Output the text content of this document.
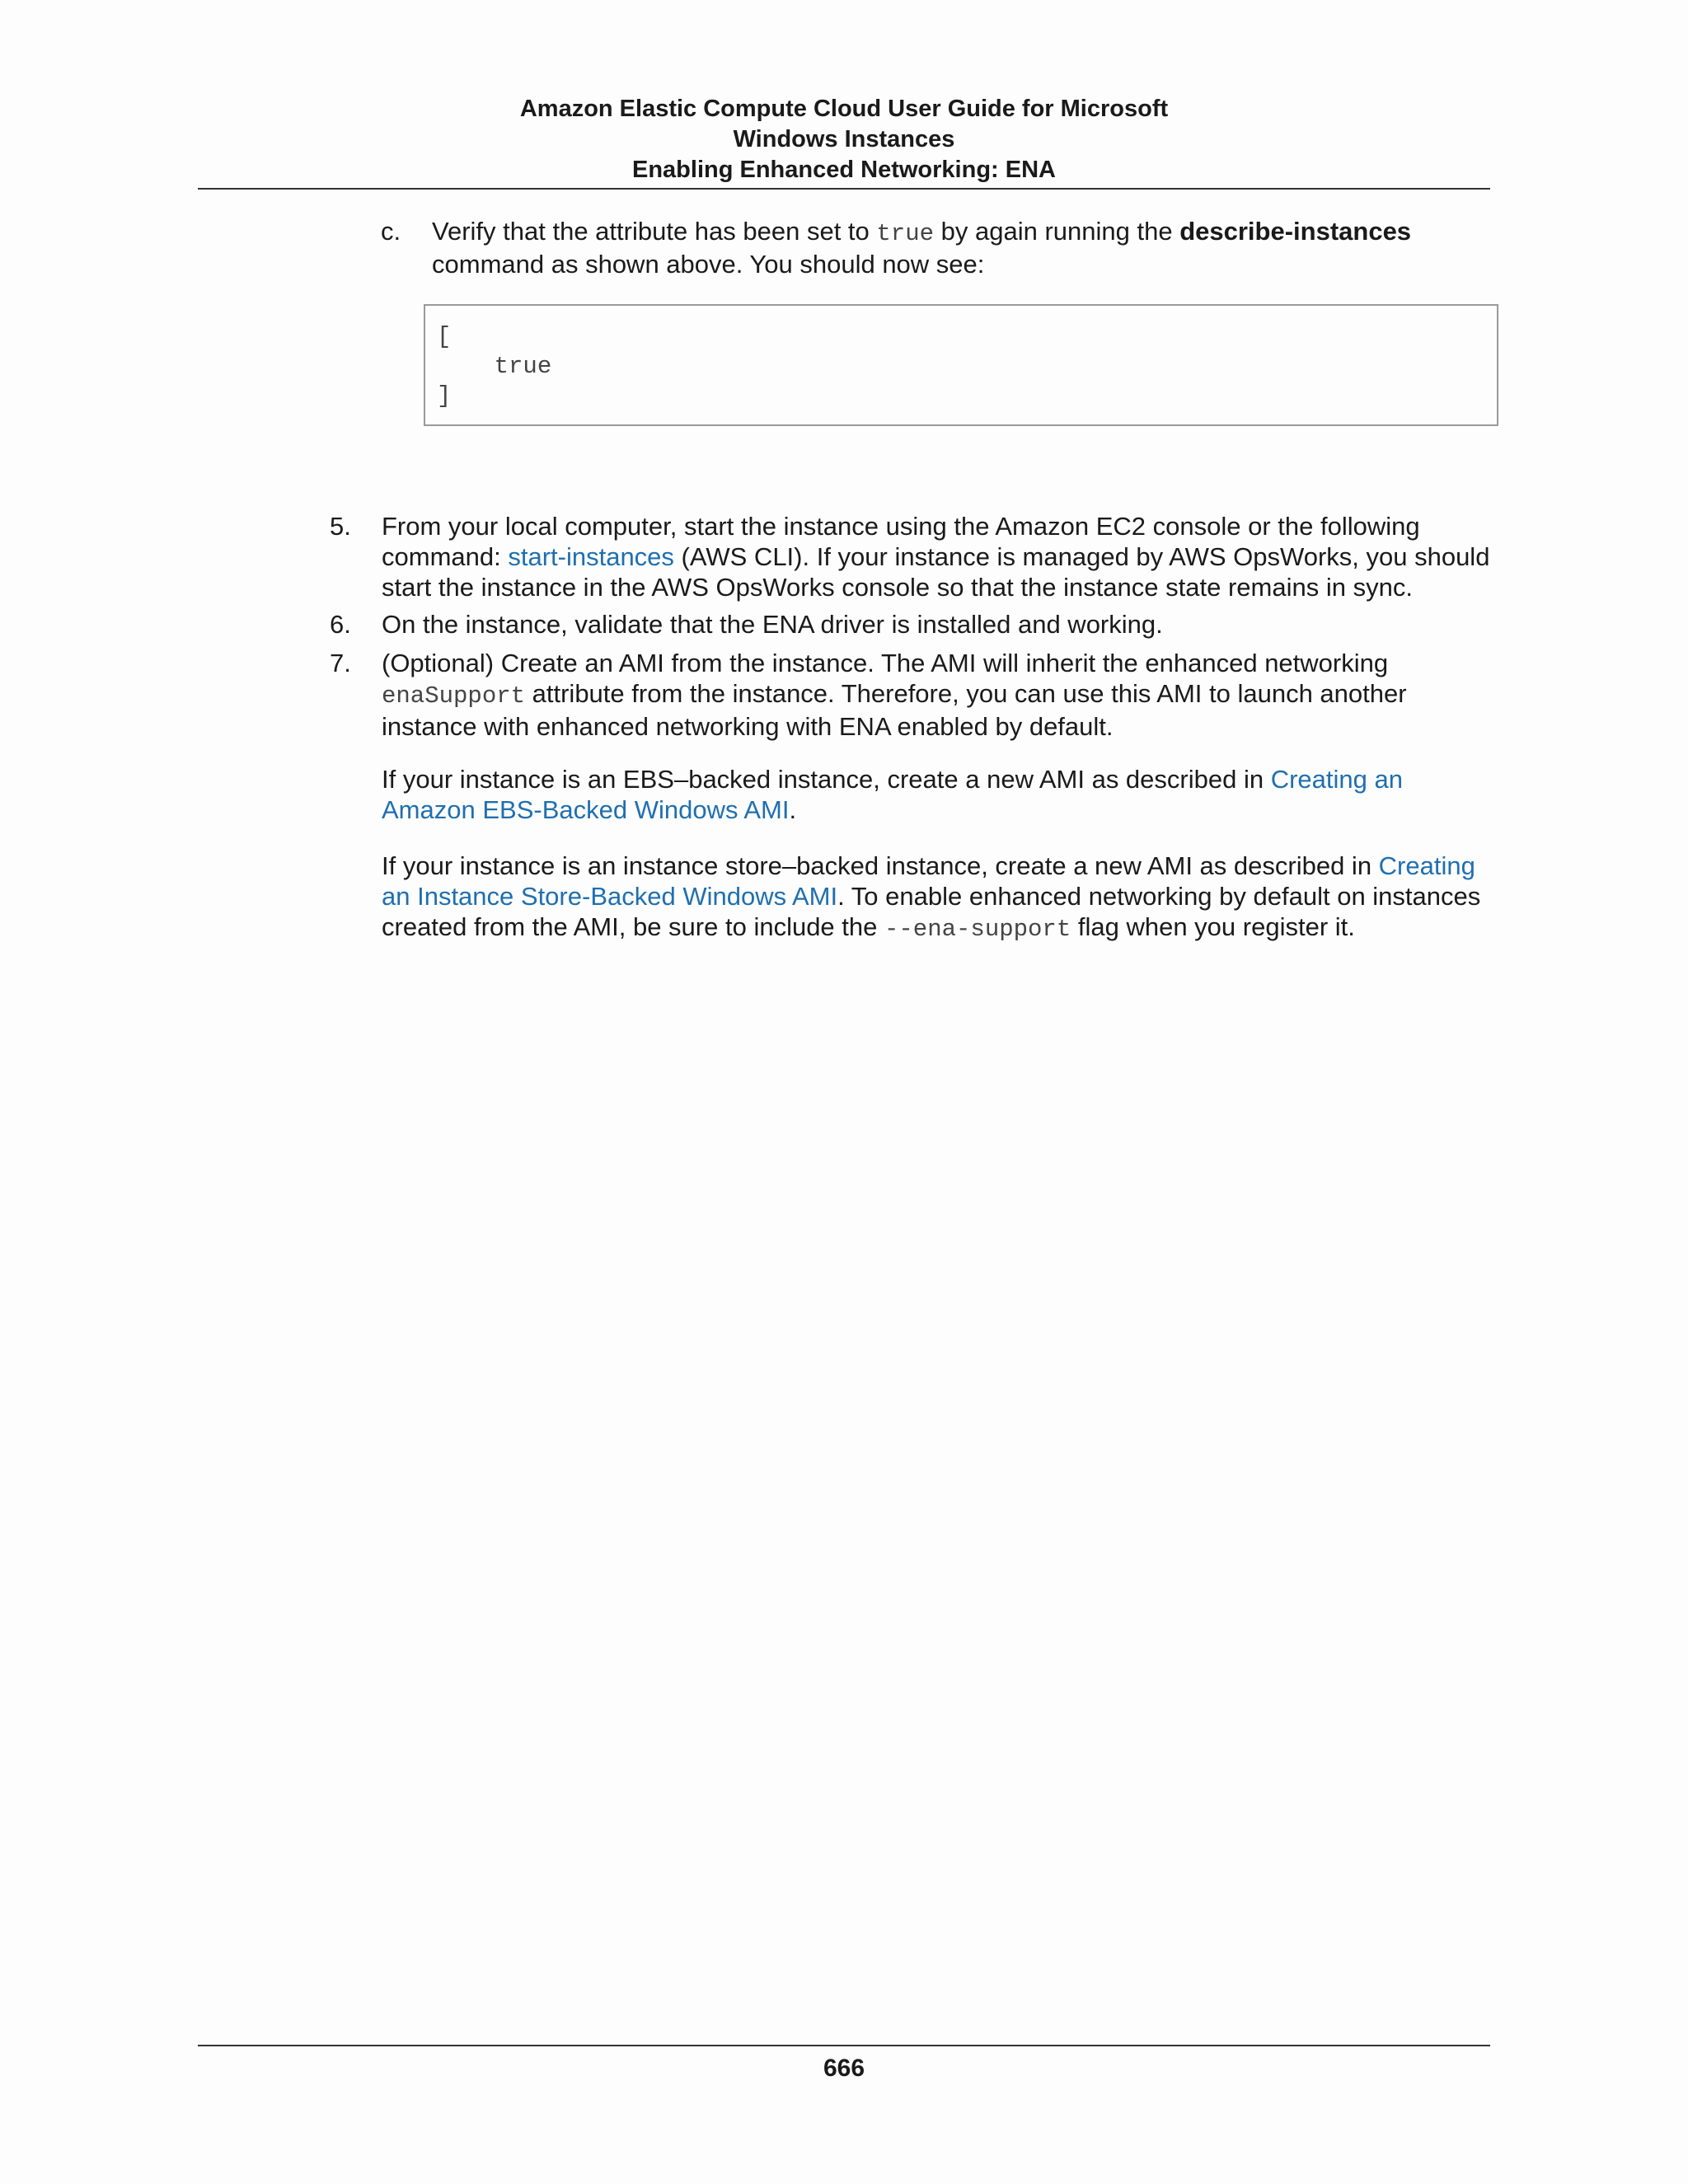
Amazon Elastic Compute Cloud User Guide for Microsoft
Windows Instances
Enabling Enhanced Networking: ENA
c. Verify that the attribute has been set to true by again running the describe-instances command as shown above. You should now see:
[
true
]
5. From your local computer, start the instance using the Amazon EC2 console or the following command: start-instances (AWS CLI). If your instance is managed by AWS OpsWorks, you should start the instance in the AWS OpsWorks console so that the instance state remains in sync.
6. On the instance, validate that the ENA driver is installed and working.
7. (Optional) Create an AMI from the instance. The AMI will inherit the enhanced networking enaSupport attribute from the instance. Therefore, you can use this AMI to launch another instance with enhanced networking with ENA enabled by default.
If your instance is an EBS–backed instance, create a new AMI as described in Creating an Amazon EBS-Backed Windows AMI.
If your instance is an instance store–backed instance, create a new AMI as described in Creating an Instance Store-Backed Windows AMI. To enable enhanced networking by default on instances created from the AMI, be sure to include the --ena-support flag when you register it.
666
